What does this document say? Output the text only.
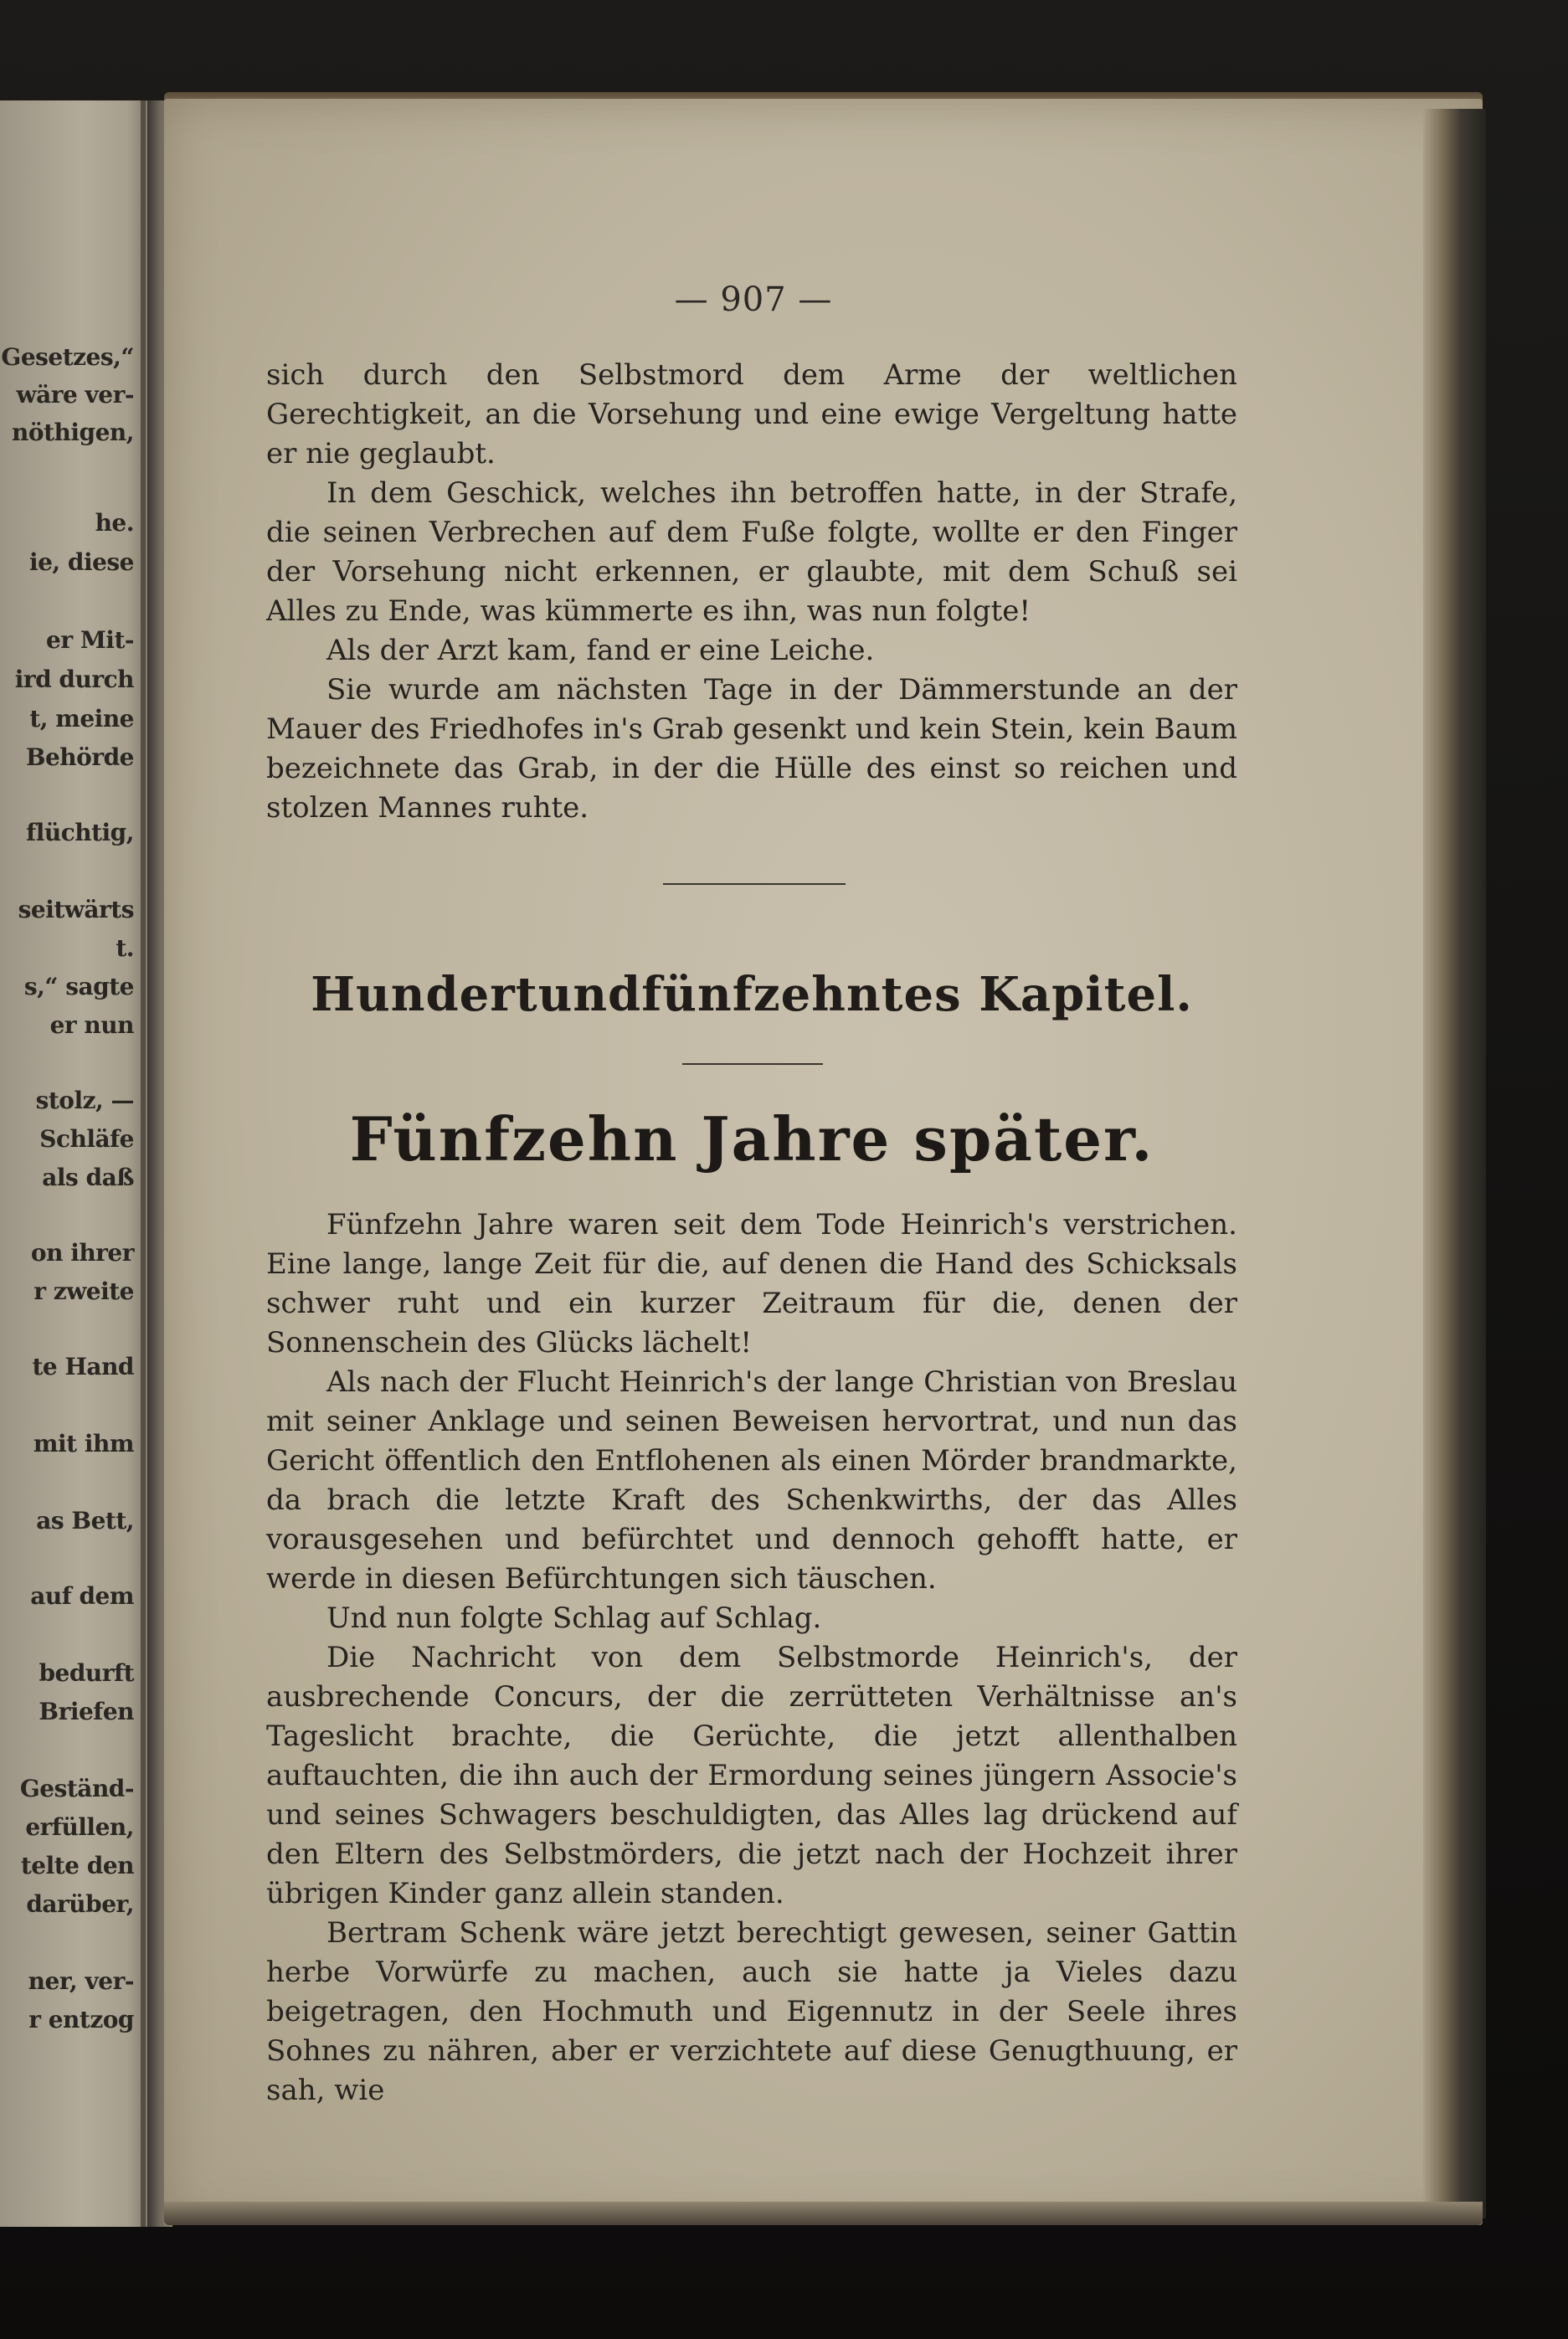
Gesetzes,“
wäre ver-
nöthigen,
he.
ie, diese
er Mit-
ird durch
t, meine
Behörde
flüchtig,
seitwärts
t.
s,“ sagte
er nun
stolz, —
Schläfe
als daß
on ihrer
r zweite
te Hand
mit ihm
as Bett,
auf dem
bedurft
Briefen
Geständ-
erfüllen,
telte den
darüber,
ner, ver-
r entzog
— 907 —

sich durch den Selbstmord dem Arme der weltlichen Gerechtigkeit, an die Vorsehung und eine ewige Vergeltung hatte er nie geglaubt.

In dem Geschick, welches ihn betroffen hatte, in der Strafe, die seinen Verbrechen auf dem Fuße folgte, wollte er den Finger der Vorsehung nicht erkennen, er glaubte, mit dem Schuß sei Alles zu Ende, was kümmerte es ihn, was nun folgte!

Als der Arzt kam, fand er eine Leiche.

Sie wurde am nächsten Tage in der Dämmerstunde an der Mauer des Friedhofes in's Grab gesenkt und kein Stein, kein Baum bezeichnete das Grab, in der die Hülle des einst so reichen und stolzen Mannes ruhte.

Hundertundfünfzehntes Kapitel.
Fünfzehn Jahre später.

Fünfzehn Jahre waren seit dem Tode Heinrich's verstrichen. Eine lange, lange Zeit für die, auf denen die Hand des Schicksals schwer ruht und ein kurzer Zeitraum für die, denen der Sonnenschein des Glücks lächelt!

Als nach der Flucht Heinrich's der lange Christian von Breslau mit seiner Anklage und seinen Beweisen hervortrat, und nun das Gericht öffentlich den Entflohenen als einen Mörder brandmarkte, da brach die letzte Kraft des Schenkwirths, der das Alles vorausgesehen und befürchtet und dennoch gehofft hatte, er werde in diesen Befürchtungen sich täuschen.

Und nun folgte Schlag auf Schlag.

Die Nachricht von dem Selbstmorde Heinrich's, der ausbrechende Concurs, der die zerrütteten Verhältnisse an's Tageslicht brachte, die Gerüchte, die jetzt allenthalben auftauchten, die ihn auch der Ermordung seines jüngern Associe's und seines Schwagers beschuldigten, das Alles lag drückend auf den Eltern des Selbstmörders, die jetzt nach der Hochzeit ihrer übrigen Kinder ganz allein standen.

Bertram Schenk wäre jetzt berechtigt gewesen, seiner Gattin herbe Vorwürfe zu machen, auch sie hatte ja Vieles dazu beigetragen, den Hochmuth und Eigennutz in der Seele ihres Sohnes zu nähren, aber er verzichtete auf diese Genugthuung, er sah, wie
